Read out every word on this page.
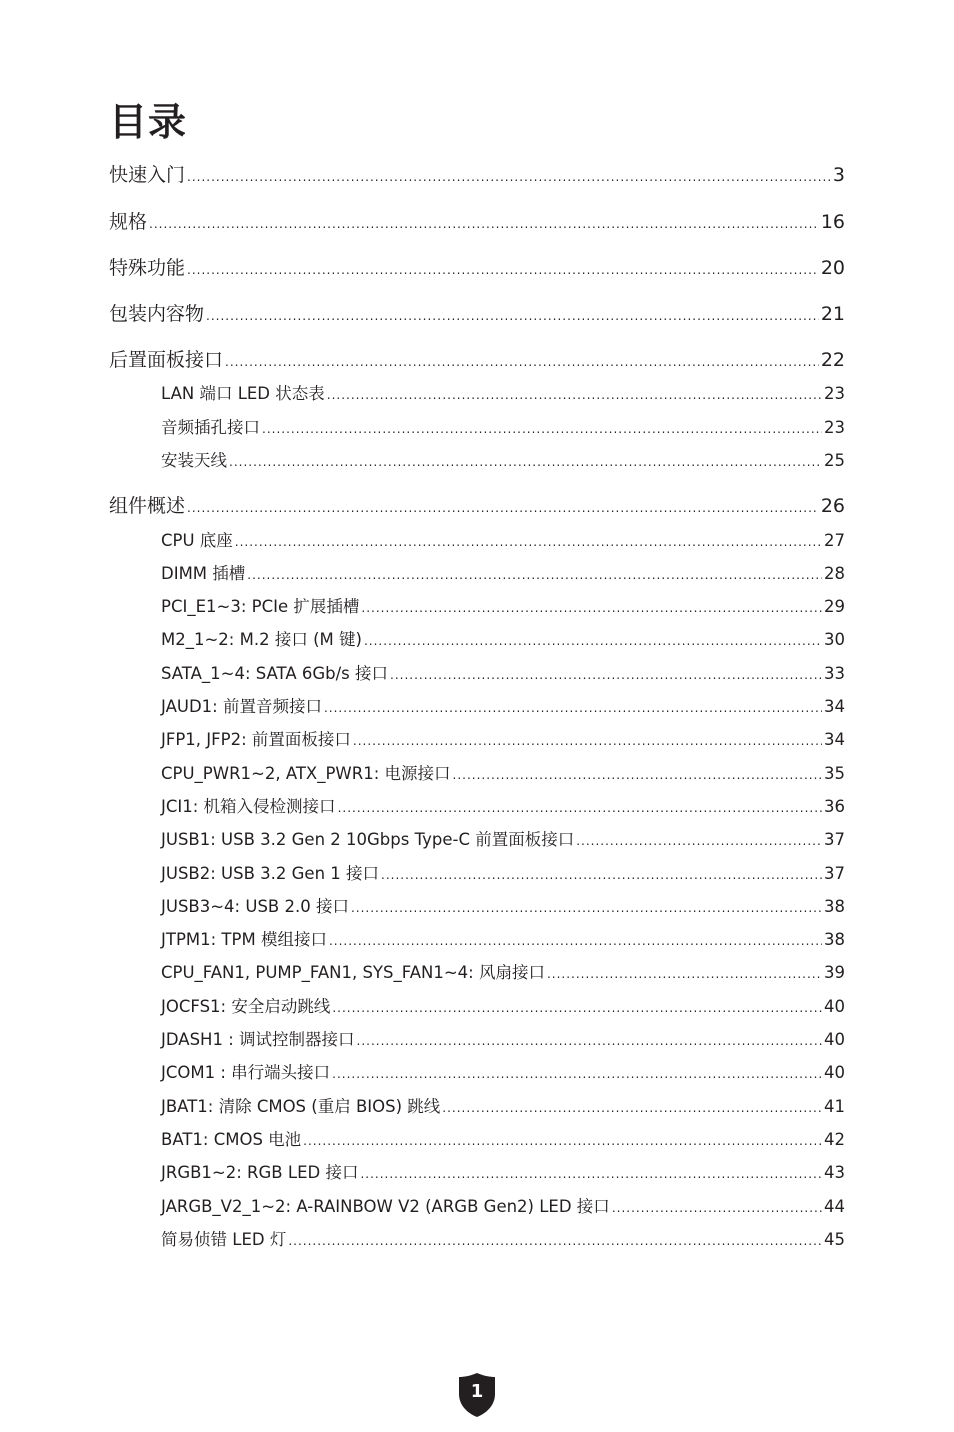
目录
快速入门 .....	3
规格 .....	16
特殊功能 .....	20
包装内容物 .....	21
后置面板接口 .....	22
LAN 端口 LED 状态表 .....	23
音频插孔接口 .....	23
安装天线 .....	25
组件概述 .....	26
CPU 底座 .....	27
DIMM 插槽 .....	28
PCI_E1~3: PCIe 扩展插槽 .....	29
M2_1~2: M.2 接口 (M 键) .....	30
SATA_1~4: SATA 6Gb/s 接口 .....	33
JAUD1: 前置音频接口 .....	34
JFP1, JFP2: 前置面板接口 .....	34
CPU_PWR1~2, ATX_PWR1: 电源接口 .....	35
JCI1: 机箱入侵检测接口 .....	36
JUSB1: USB 3.2 Gen 2 10Gbps Type-C 前置面板接口 .....	37
JUSB2: USB 3.2 Gen 1 接口 .....	37
JUSB3~4: USB 2.0 接口 .....	38
JTPM1: TPM 模组接口 .....	38
CPU_FAN1, PUMP_FAN1, SYS_FAN1~4: 风扇接口 .....	39
JOCFS1: 安全启动跳线 .....	40
JDASH1 : 调试控制器接口 .....	40
JCOM1 : 串行端头接口 .....	40
JBAT1: 清除 CMOS (重启 BIOS) 跳线 .....	41
BAT1: CMOS 电池 .....	42
JRGB1~2: RGB LED 接口 .....	43
JARGB_V2_1~2: A-RAINBOW V2 (ARGB Gen2) LED 接口 .....	44
简易侦错 LED 灯 .....	45
1
